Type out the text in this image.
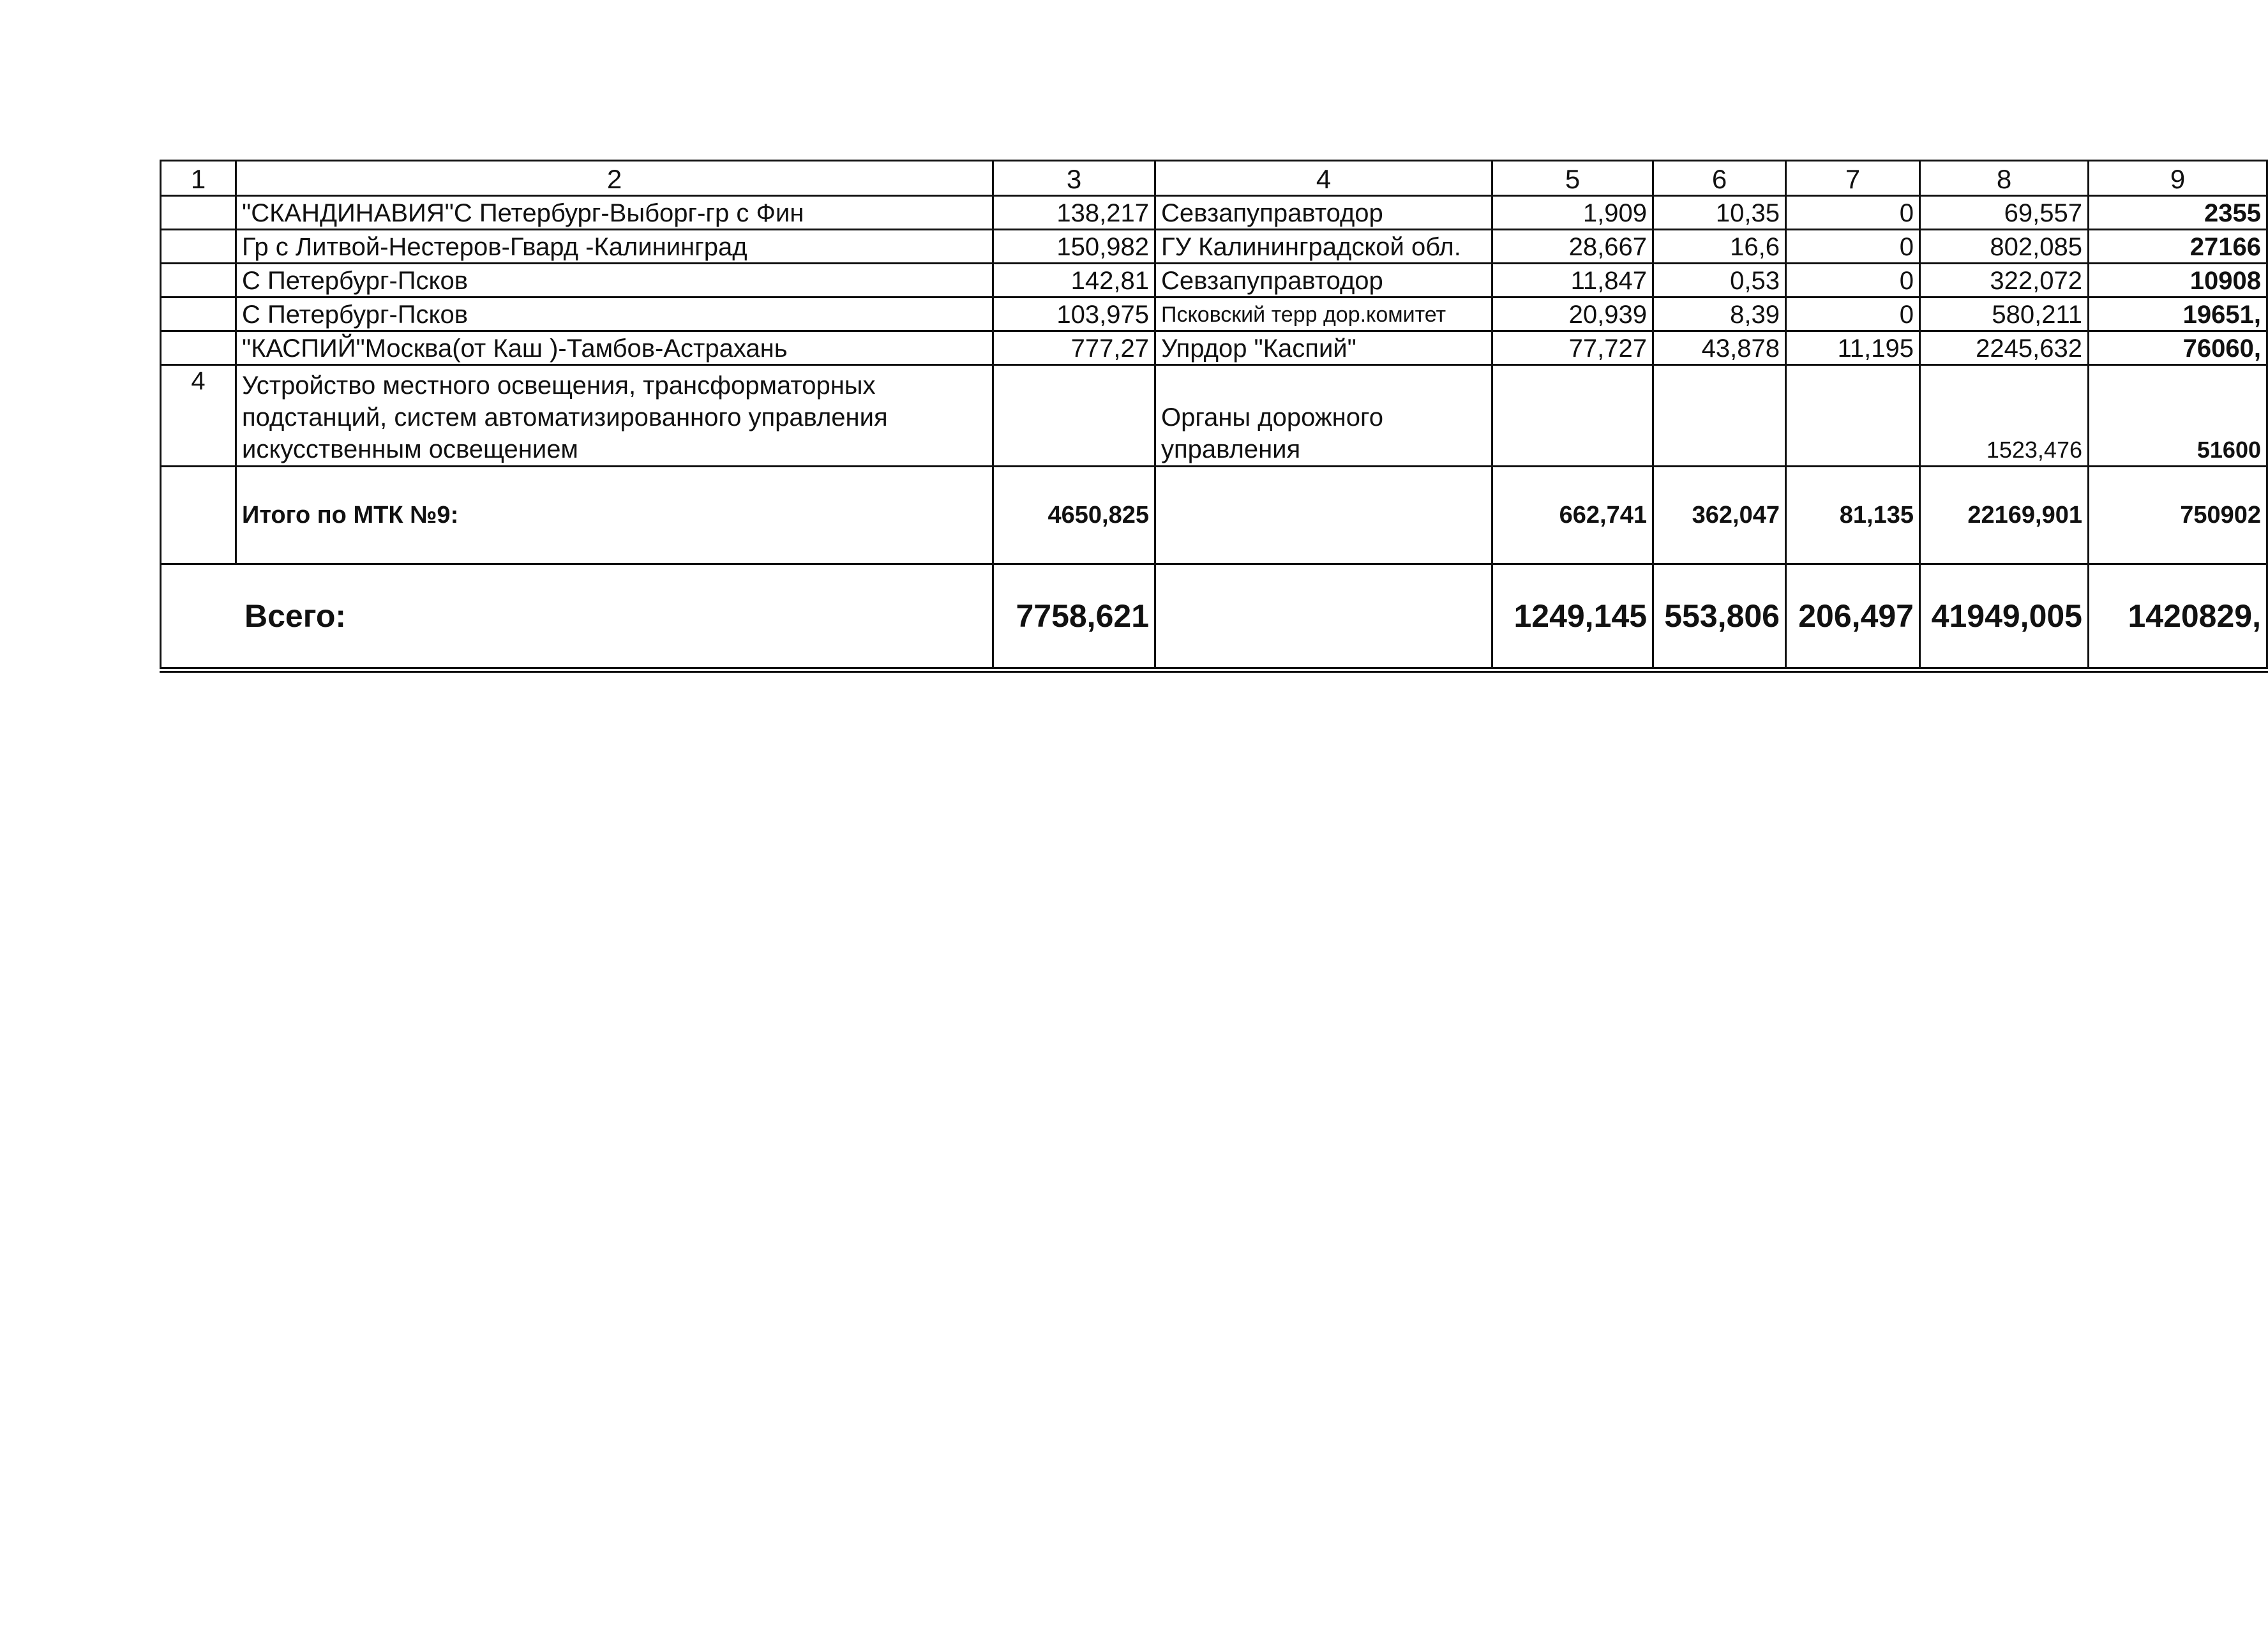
1	2	3	4	5	6	7	8	9
	"СКАНДИНАВИЯ"С Петербург-Выборг-гр с Фин	138,217	Севзапуправтодор	1,909	10,35	0	69,557	2355
	Гр с Литвой-Нестеров-Гвард -Калининград	150,982	ГУ Калининградской обл.	28,667	16,6	0	802,085	27166
	С Петербург-Псков	142,81	Севзапуправтодор	11,847	0,53	0	322,072	10908
	С Петербург-Псков	103,975	Псковский терр дор.комитет	20,939	8,39	0	580,211	19651,
	"КАСПИЙ"Москва(от Каш )-Тамбов-Астрахань	777,27	Упрдор "Каспий"	77,727	43,878	11,195	2245,632	76060,
4	Устройство местного освещения, трансформаторных подстанций, систем автоматизированного управления искусственным освещением		Органы дорожного управления				1523,476	51600
	Итого по МТК №9:	4650,825		662,741	362,047	81,135	22169,901	750902
Всего:		7758,621		1249,145	553,806	206,497	41949,005	1420829,
